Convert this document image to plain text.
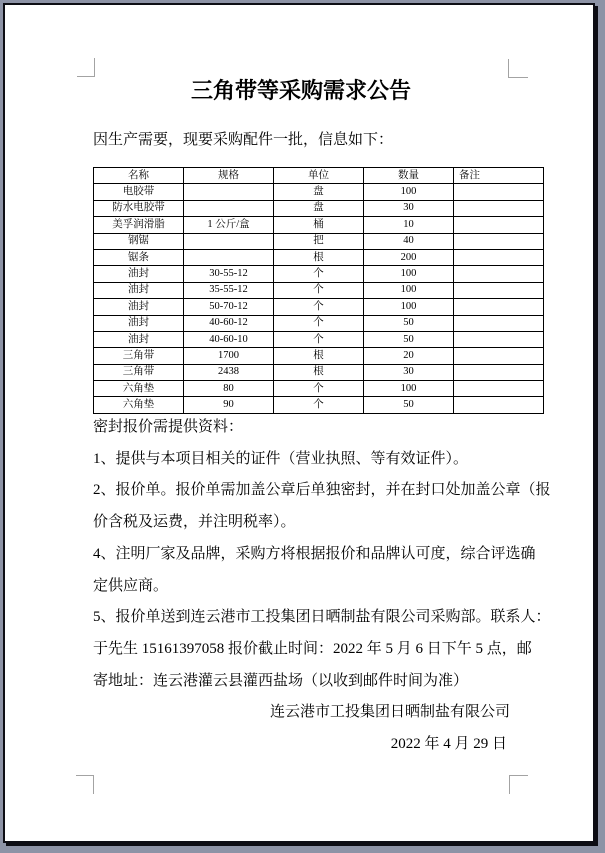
三角带等采购需求公告
因生产需要，现要采购配件一批，信息如下：
名称	规格	单位	数量	备注
电胶带		盘	100	
防水电胶带		盘	30	
美孚润滑脂	1 公斤/盒	桶	10	
钢锯		把	40	
锯条		根	200	
油封	30-55-12	个	100	
油封	35-55-12	个	100	
油封	50-70-12	个	100	
油封	40-60-12	个	50	
油封	40-60-10	个	50	
三角带	1700	根	20	
三角带	2438	根	30	
六角垫	80	个	100	
六角垫	90	个	50	
密封报价需提供资料：
1、提供与本项目相关的证件（营业执照、等有效证件）。
2、报价单。报价单需加盖公章后单独密封，并在封口处加盖公章（报
价含税及运费，并注明税率）。
4、注明厂家及品牌，采购方将根据报价和品牌认可度，综合评选确
定供应商。
5、报价单送到连云港市工投集团日晒制盐有限公司采购部。联系人：
于先生 15161397058 报价截止时间：2022 年 5 月 6 日下午 5 点，邮
寄地址：连云港灌云县灌西盐场（以收到邮件时间为准）
连云港市工投集团日晒制盐有限公司
2022 年 4 月 29 日
